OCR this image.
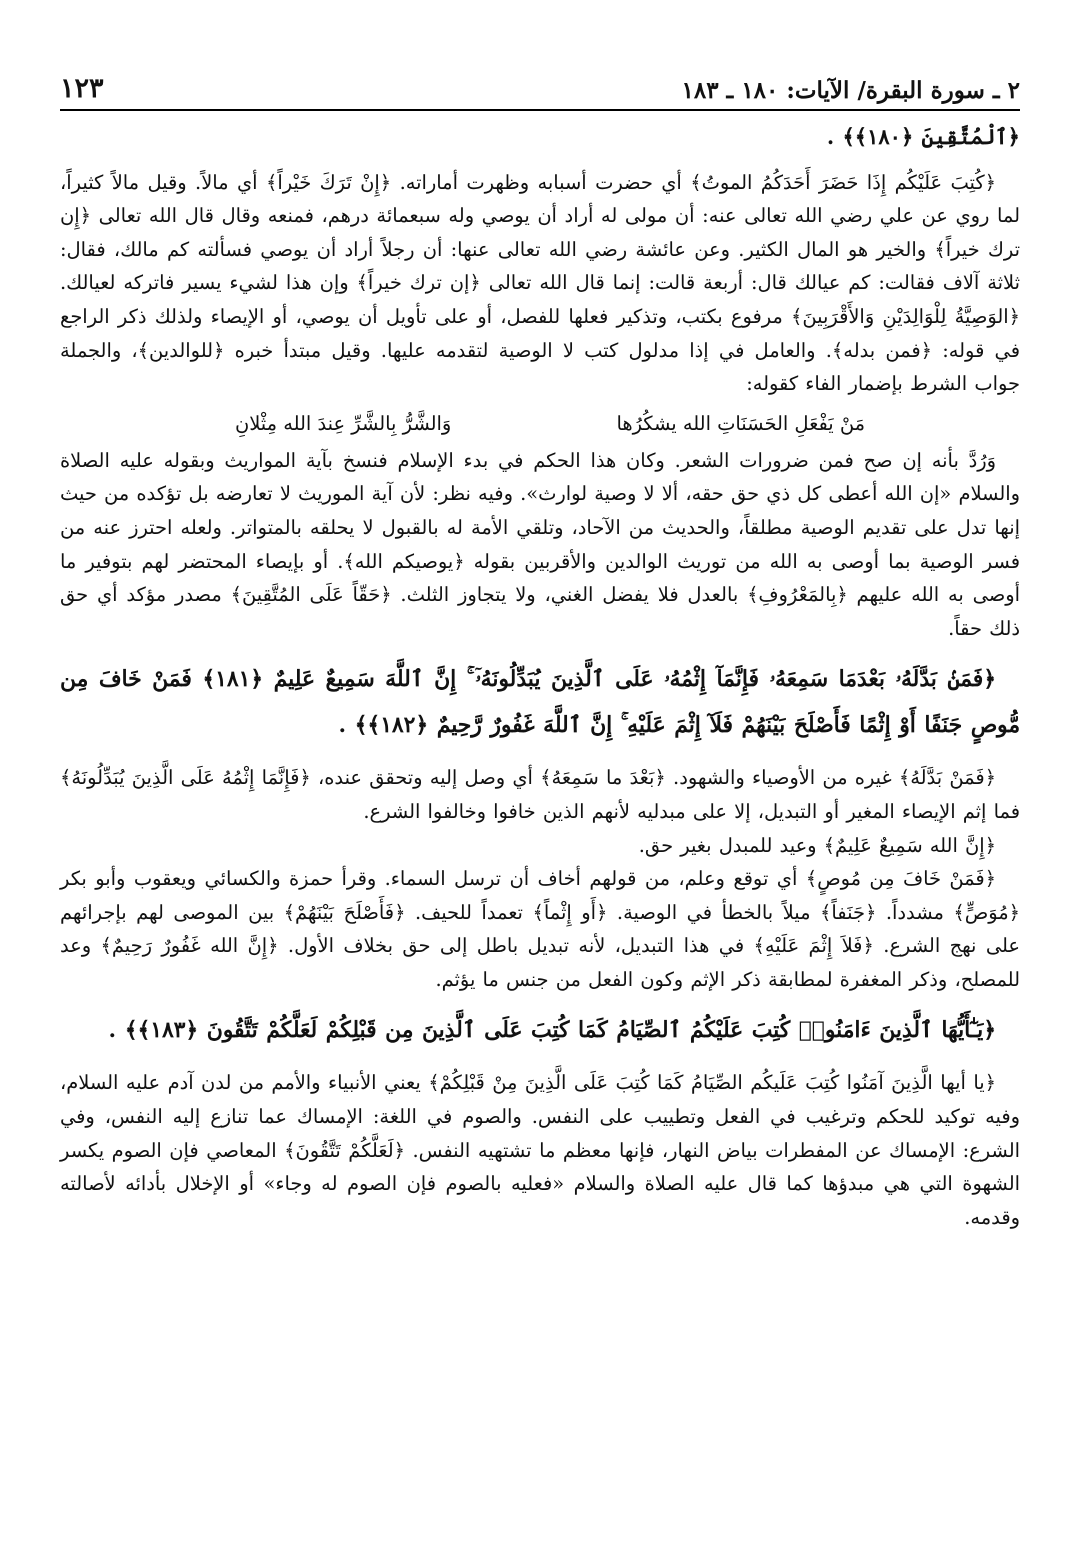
٢ ـ سورة البقرة/ الآيات: ١٨٠ ـ ١٨٣
١٢٣

﴿ٱلْمُتَّقِينَ ﴿١٨٠﴾﴾ .

﴿كُتِبَ عَلَيْكُم إِذَا حَضَرَ أَحَدَكُمُ الموتُ﴾ أي حضرت أسبابه وظهرت أماراته. ﴿إِنْ تَرَكَ خَيْراً﴾ أي مالاً. وقيل مالاً كثيراً، لما روي عن علي رضي الله تعالى عنه: أن مولى له أراد أن يوصي وله سبعمائة درهم، فمنعه وقال قال الله تعالى ﴿إِن ترك خيراً﴾ والخير هو المال الكثير. وعن عائشة رضي الله تعالى عنها: أن رجلاً أراد أن يوصي فسألته كم مالك، فقال: ثلاثة آلاف فقالت: كم عيالك قال: أربعة قالت: إنما قال الله تعالى ﴿إن ترك خيراً﴾ وإن هذا لشيء يسير فاتركه لعيالك. ﴿الوَصِيَّةُ لِلْوَالِدَيْنِ وَالأَقْرَبِينَ﴾ مرفوع بكتب، وتذكير فعلها للفصل، أو على تأويل أن يوصي، أو الإيصاء ولذلك ذكر الراجع في قوله: ﴿فمن بدله﴾. والعامل في إذا مدلول كتب لا الوصية لتقدمه عليها. وقيل مبتدأ خبره ﴿للوالدين﴾، والجملة جواب الشرط بإضمار الفاء كقوله:

مَنْ يَفْعَلِ الحَسَنَاتِ الله يشكُرُها
وَالشَّرُّ بِالشَّرِّ عِندَ الله مِثْلانِ

وَرُدَّ بأنه إن صح فمن ضرورات الشعر. وكان هذا الحكم في بدء الإسلام فنسخ بآية المواريث وبقوله عليه الصلاة والسلام «إن الله أعطى كل ذي حق حقه، ألا لا وصية لوارث». وفيه نظر: لأن آية الموريث لا تعارضه بل تؤكده من حيث إنها تدل على تقديم الوصية مطلقاً، والحديث من الآحاد، وتلقي الأمة له بالقبول لا يحلقه بالمتواتر. ولعله احترز عنه من فسر الوصية بما أوصى به الله من توريث الوالدين والأقربين بقوله ﴿يوصيكم الله﴾. أو بإيصاء المحتضر لهم بتوفير ما أوصى به الله عليهم ﴿بِالمَعْرُوفِ﴾ بالعدل فلا يفضل الغني، ولا يتجاوز الثلث. ﴿حَقّاً عَلَى المُتَّقِينَ﴾ مصدر مؤكد أي حق ذلك حقاً.

﴿فَمَنۢ بَدَّلَهُۥ بَعْدَمَا سَمِعَهُۥ فَإِنَّمَآ إِثْمُهُۥ عَلَى ٱلَّذِينَ يُبَدِّلُونَهُۥٓ ۚ إِنَّ ٱللَّهَ سَمِيعٌ عَلِيمٌ ﴿١٨١﴾ فَمَنْ خَافَ مِن مُّوصٍ جَنَفًا أَوْ إِثْمًا فَأَصْلَحَ بَيْنَهُمْ فَلَآ إِثْمَ عَلَيْهِ ۚ إِنَّ ٱللَّهَ غَفُورٌ رَّحِيمٌ ﴿١٨٢﴾﴾ .

﴿فَمَنْ بَدَّلَهُ﴾ غيره من الأوصياء والشهود. ﴿بَعْدَ ما سَمِعَهُ﴾ أي وصل إليه وتحقق عنده، ﴿فَإِنَّمَا إِثْمُهُ عَلَى الَّذِينَ يُبَدِّلُونَهُ﴾ فما إثم الإيصاء المغير أو التبديل، إلا على مبدليه لأنهم الذين خافوا وخالفوا الشرع.

﴿إِنَّ الله سَمِيعٌ عَلِيمٌ﴾ وعيد للمبدل بغير حق.

﴿فَمَنْ خَافَ مِن مُوصٍ﴾ أي توقع وعلم، من قولهم أخاف أن ترسل السماء. وقرأ حمزة والكسائي ويعقوب وأبو بكر ﴿مُوَصٍّ﴾ مشدداً. ﴿جَنَفاً﴾ ميلاً بالخطأ في الوصية. ﴿أَو إِثْماً﴾ تعمداً للحيف. ﴿فَأَصْلَحَ بَيْنَهُمْ﴾ بين الموصى لهم بإجرائهم على نهج الشرع. ﴿فَلاَ إِثْمَ عَلَيْهِ﴾ في هذا التبديل، لأنه تبديل باطل إلى حق بخلاف الأول. ﴿إِنَّ الله غَفُورٌ رَحِيمٌ﴾ وعد للمصلح، وذكر المغفرة لمطابقة ذكر الإثم وكون الفعل من جنس ما يؤثم.

﴿يَـٰٓأَيُّهَا ٱلَّذِينَ ءَامَنُوا۟ كُتِبَ عَلَيْكُمُ ٱلصِّيَامُ كَمَا كُتِبَ عَلَى ٱلَّذِينَ مِن قَبْلِكُمْ لَعَلَّكُمْ تَتَّقُونَ ﴿١٨٣﴾﴾ .

﴿يا أيها الَّذِينَ آمَنُوا كُتِبَ عَلَيكُم الصِّيَامُ كَمَا كُتِبَ عَلَى الَّذِينَ مِنْ قَبْلِكُمْ﴾ يعني الأنبياء والأمم من لدن آدم عليه السلام، وفيه توكيد للحكم وترغيب في الفعل وتطييب على النفس. والصوم في اللغة: الإمساك عما تنازع إليه النفس، وفي الشرع: الإمساك عن المفطرات بياض النهار، فإنها معظم ما تشتهيه النفس. ﴿لَعَلَّكُمْ تَتَّقُونَ﴾ المعاصي فإن الصوم يكسر الشهوة التي هي مبدؤها كما قال عليه الصلاة والسلام «فعليه بالصوم فإن الصوم له وجاء» أو الإخلال بأدائه لأصالته وقدمه.
